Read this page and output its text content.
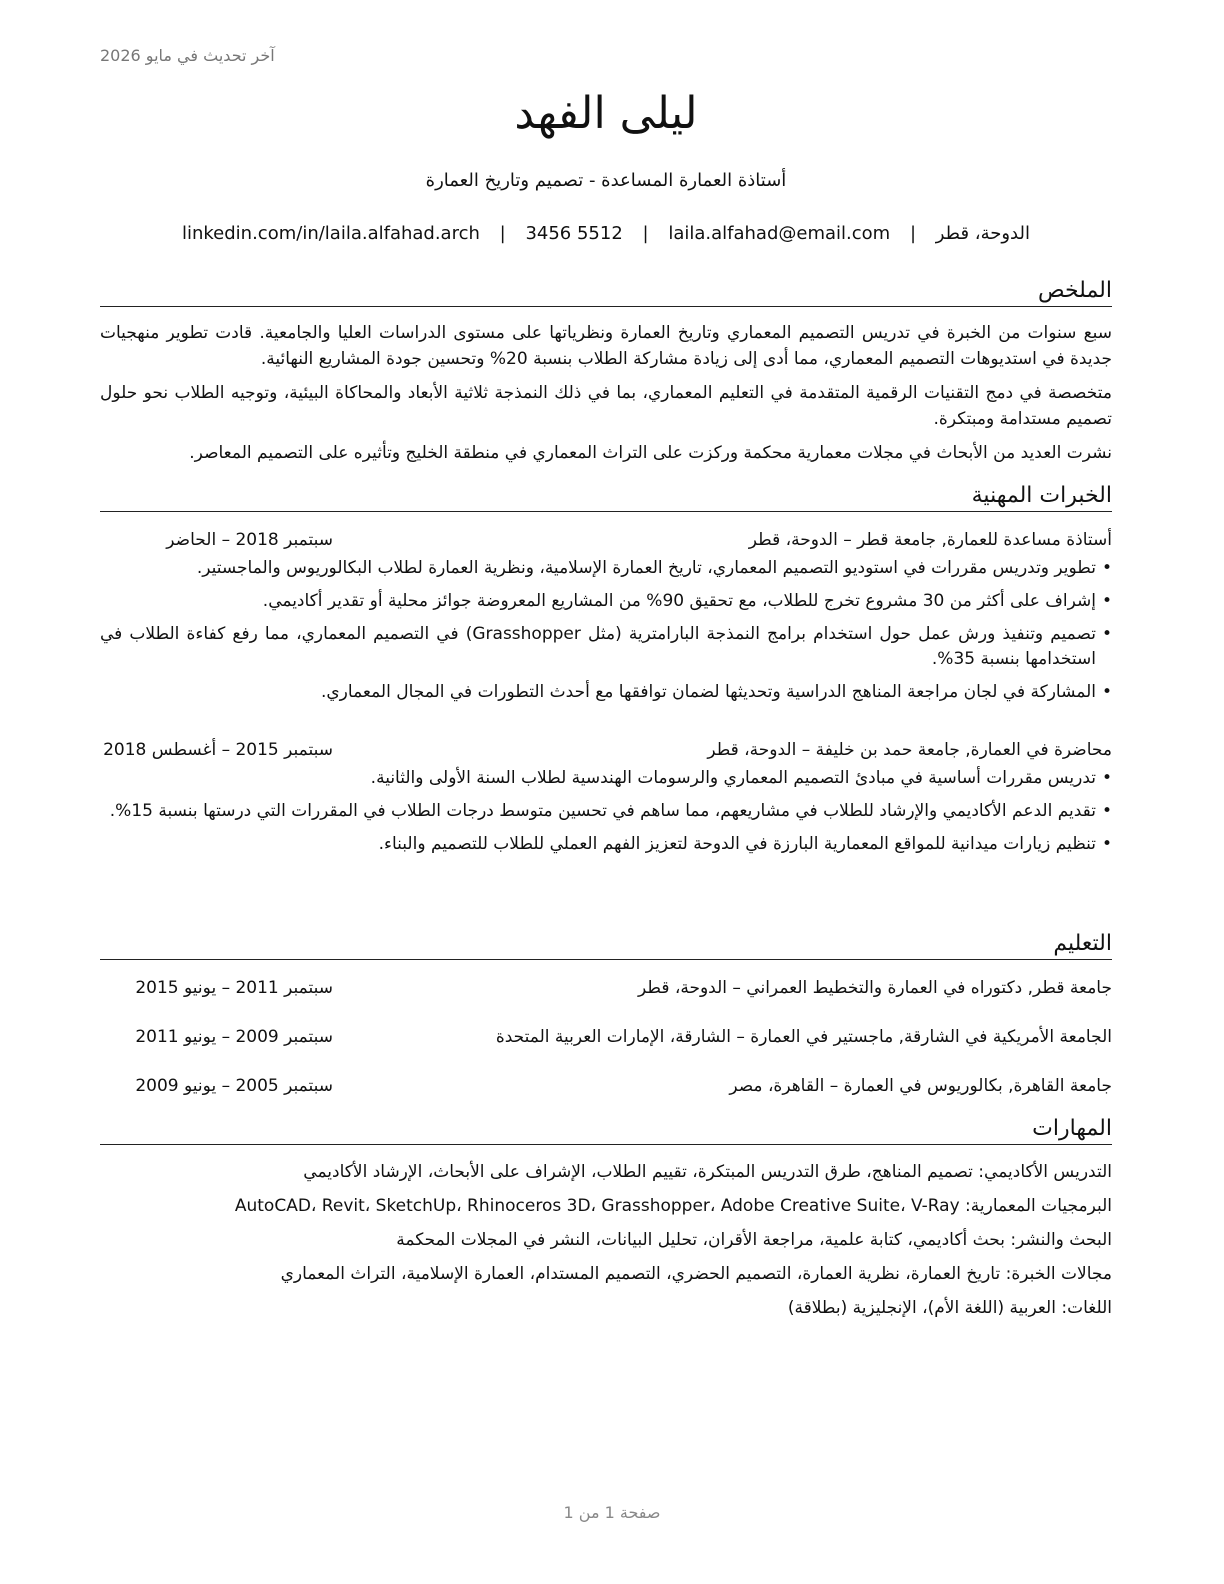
آخر تحديث في مايو 2026
ليلى الفهد
أستاذة العمارة المساعدة - تصميم وتاريخ العمارة
الدوحة، قطر | laila.alfahad@email.com | 3456 5512 | linkedin.com/in/laila.alfahad.arch
الملخص

سبع سنوات من الخبرة في تدريس التصميم المعماري وتاريخ العمارة ونظرياتها على مستوى الدراسات العليا والجامعية. قادت تطوير منهجيات جديدة في استديوهات التصميم المعماري، مما أدى إلى زيادة مشاركة الطلاب بنسبة 20% وتحسين جودة المشاريع النهائية.

متخصصة في دمج التقنيات الرقمية المتقدمة في التعليم المعماري، بما في ذلك النمذجة ثلاثية الأبعاد والمحاكاة البيئية، وتوجيه الطلاب نحو حلول تصميم مستدامة ومبتكرة.

نشرت العديد من الأبحاث في مجلات معمارية محكمة وركزت على التراث المعماري في منطقة الخليج وتأثيره على التصميم المعاصر.

الخبرات المهنية
أستاذة مساعدة للعمارة, جامعة قطر – الدوحة، قطر
سبتمبر 2018 – الحاضر
• تطوير وتدريس مقررات في استوديو التصميم المعماري، تاريخ العمارة الإسلامية، ونظرية العمارة لطلاب البكالوريوس والماجستير.
• إشراف على أكثر من 30 مشروع تخرج للطلاب، مع تحقيق 90% من المشاريع المعروضة جوائز محلية أو تقدير أكاديمي.
• تصميم وتنفيذ ورش عمل حول استخدام برامج النمذجة البارامترية (مثل Grasshopper) في التصميم المعماري، مما رفع كفاءة الطلاب في استخدامها بنسبة 35%.
• المشاركة في لجان مراجعة المناهج الدراسية وتحديثها لضمان توافقها مع أحدث التطورات في المجال المعماري.
محاضرة في العمارة, جامعة حمد بن خليفة – الدوحة، قطر
سبتمبر 2015 – أغسطس 2018
• تدريس مقررات أساسية في مبادئ التصميم المعماري والرسومات الهندسية لطلاب السنة الأولى والثانية.
• تقديم الدعم الأكاديمي والإرشاد للطلاب في مشاريعهم، مما ساهم في تحسين متوسط درجات الطلاب في المقررات التي درستها بنسبة 15%.
• تنظيم زيارات ميدانية للمواقع المعمارية البارزة في الدوحة لتعزيز الفهم العملي للطلاب للتصميم والبناء.
التعليم
جامعة قطر, دكتوراه في العمارة والتخطيط العمراني – الدوحة، قطر
سبتمبر 2011 – يونيو 2015
الجامعة الأمريكية في الشارقة, ماجستير في العمارة – الشارقة، الإمارات العربية المتحدة
سبتمبر 2009 – يونيو 2011
جامعة القاهرة, بكالوريوس في العمارة – القاهرة، مصر
سبتمبر 2005 – يونيو 2009
المهارات
التدريس الأكاديمي: تصميم المناهج، طرق التدريس المبتكرة، تقييم الطلاب، الإشراف على الأبحاث، الإرشاد الأكاديمي
البرمجيات المعمارية: AutoCAD، Revit، SketchUp، Rhinoceros 3D، Grasshopper، Adobe Creative Suite، V-Ray
البحث والنشر: بحث أكاديمي، كتابة علمية، مراجعة الأقران، تحليل البيانات، النشر في المجلات المحكمة
مجالات الخبرة: تاريخ العمارة، نظرية العمارة، التصميم الحضري، التصميم المستدام، العمارة الإسلامية، التراث المعماري
اللغات: العربية (اللغة الأم)، الإنجليزية (بطلاقة)
صفحة 1 من 1
